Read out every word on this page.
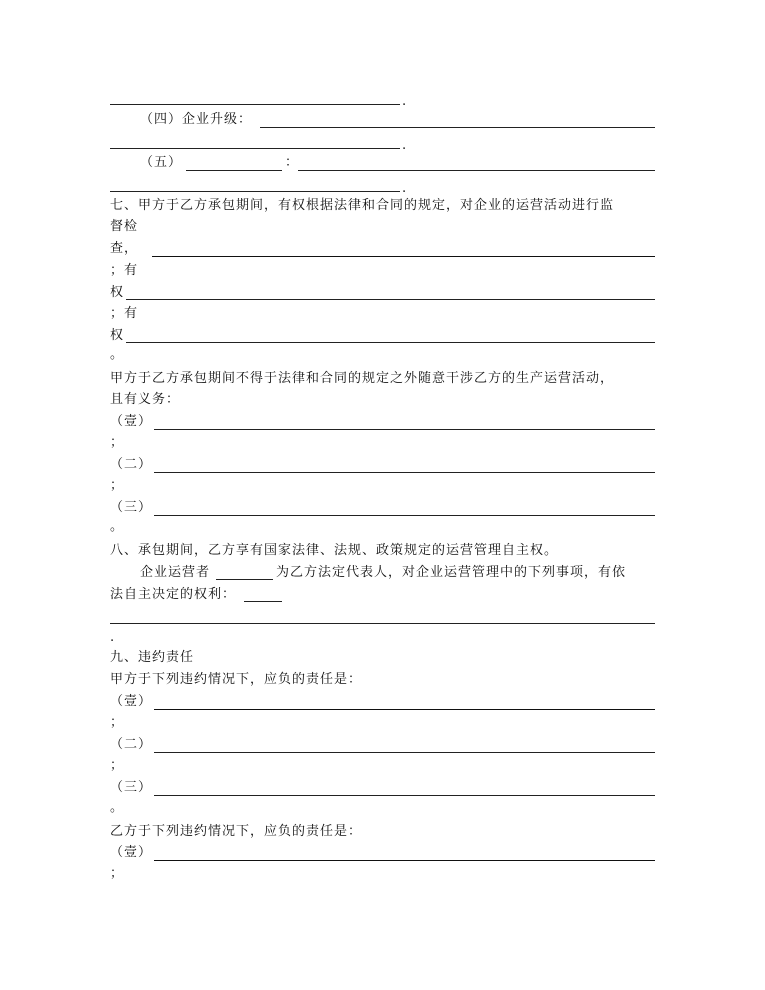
.
（四）企业升级：
.
（五）	：
.
七、甲方于乙方承包期间，有权根据法律和合同的规定，对企业的运营活动进行监
督检
查，
；有
权
；有
权
。
甲方于乙方承包期间不得于法律和合同的规定之外随意干涉乙方的生产运营活动，
且有义务：
（壹）
；
（二）
；
（三）
。
八、承包期间，乙方享有国家法律、法规、政策规定的运营管理自主权。
企业运营者	为乙方法定代表人，对企业运营管理中的下列事项，有依
法自主决定的权利：
.
九、违约责任
甲方于下列违约情况下，应负的责任是：
（壹）
；
（二）
；
（三）
。
乙方于下列违约情况下，应负的责任是：
（壹）
；
